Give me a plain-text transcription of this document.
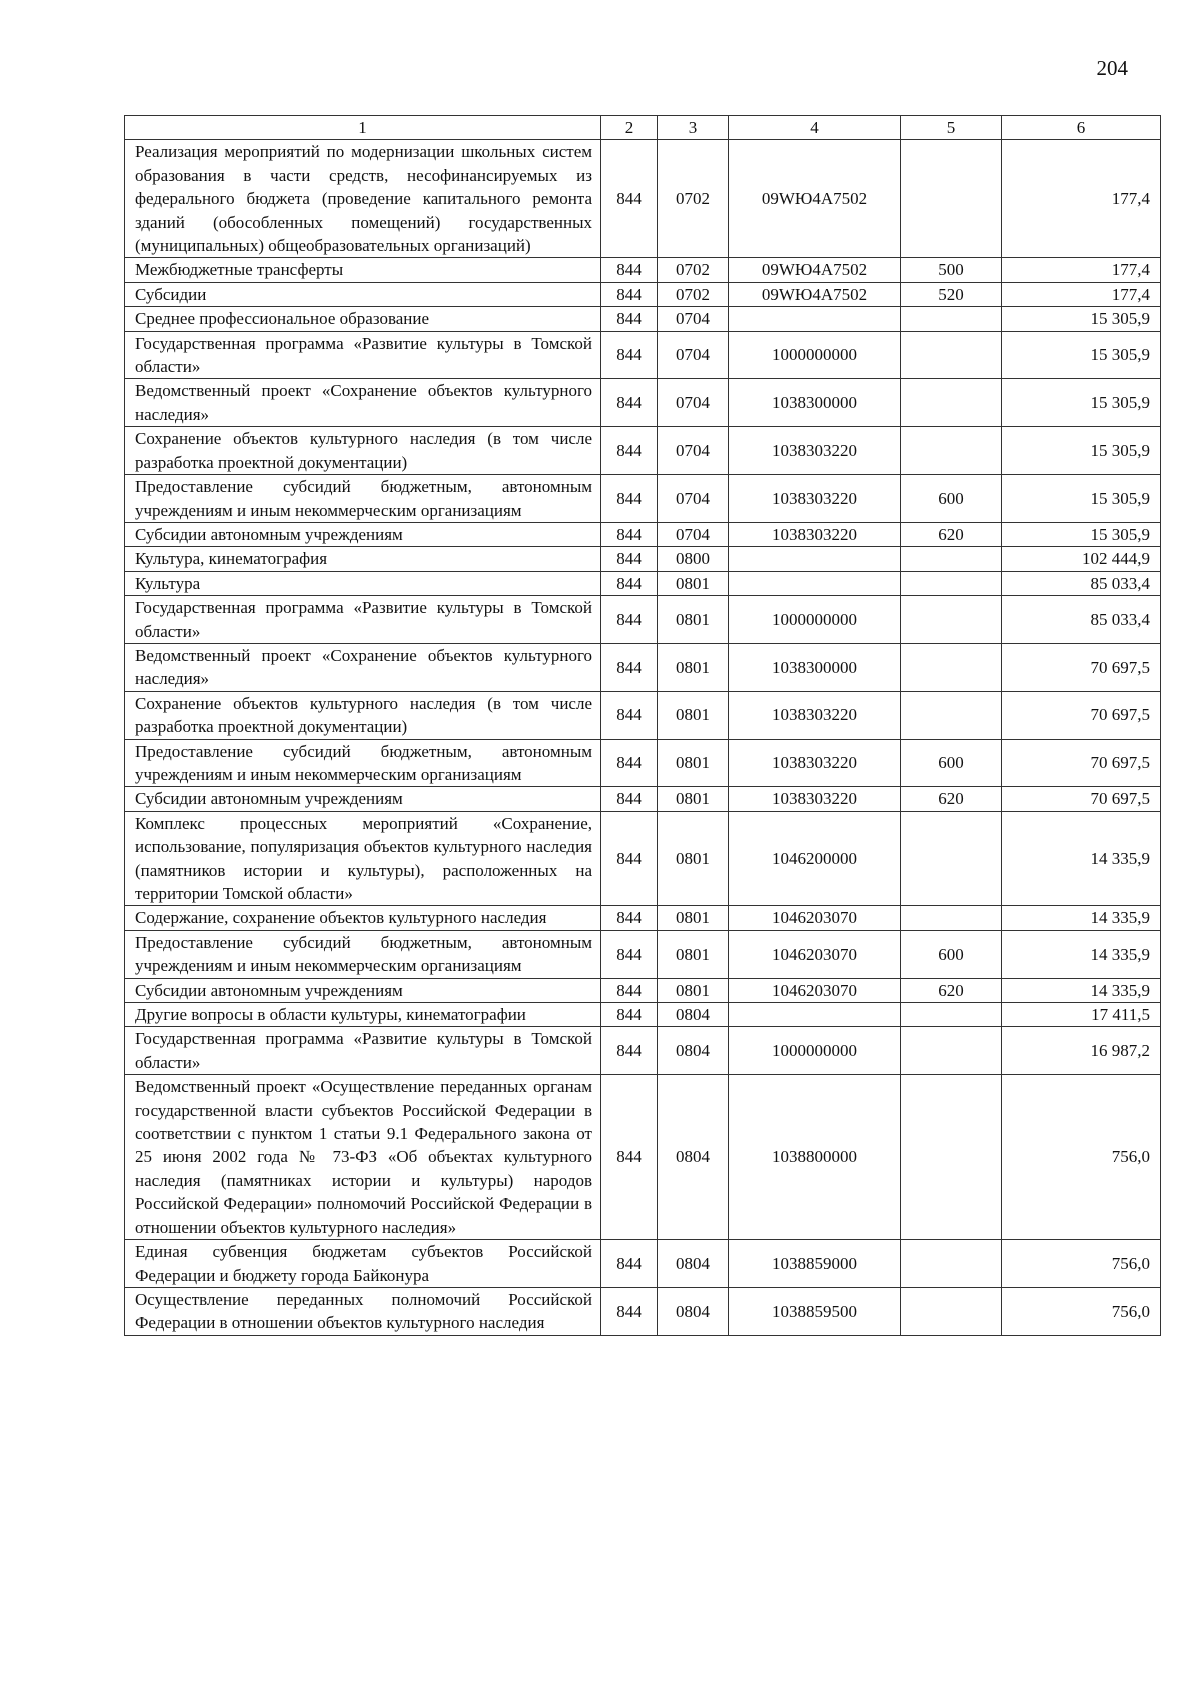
204
1	2	3	4	5	6
Реализация мероприятий по модернизации школьных систем образования в части средств, несофинансируемых из федерального бюджета (проведение капитального ремонта зданий (обособленных помещений) государственных (муниципальных) общеобразовательных организаций)	844	0702	09WЮ4A7502		177,4
Межбюджетные трансферты	844	0702	09WЮ4A7502	500	177,4
Субсидии	844	0702	09WЮ4A7502	520	177,4
Среднее профессиональное образование	844	0704			15 305,9
Государственная программа «Развитие культуры в Томской области»	844	0704	1000000000		15 305,9
Ведомственный проект «Сохранение объектов культурного наследия»	844	0704	1038300000		15 305,9
Сохранение объектов культурного наследия (в том числе разработка проектной документации)	844	0704	1038303220		15 305,9
Предоставление субсидий бюджетным, автономным учреждениям и иным некоммерческим организациям	844	0704	1038303220	600	15 305,9
Субсидии автономным учреждениям	844	0704	1038303220	620	15 305,9
Культура, кинематография	844	0800			102 444,9
Культура	844	0801			85 033,4
Государственная программа «Развитие культуры в Томской области»	844	0801	1000000000		85 033,4
Ведомственный проект «Сохранение объектов культурного наследия»	844	0801	1038300000		70 697,5
Сохранение объектов культурного наследия (в том числе разработка проектной документации)	844	0801	1038303220		70 697,5
Предоставление субсидий бюджетным, автономным учреждениям и иным некоммерческим организациям	844	0801	1038303220	600	70 697,5
Субсидии автономным учреждениям	844	0801	1038303220	620	70 697,5
Комплекс процессных мероприятий «Сохранение, использование, популяризация объектов культурного наследия (памятников истории и культуры), расположенных на территории Томской области»	844	0801	1046200000		14 335,9
Содержание, сохранение объектов культурного наследия	844	0801	1046203070		14 335,9
Предоставление субсидий бюджетным, автономным учреждениям и иным некоммерческим организациям	844	0801	1046203070	600	14 335,9
Субсидии автономным учреждениям	844	0801	1046203070	620	14 335,9
Другие вопросы в области культуры, кинематографии	844	0804			17 411,5
Государственная программа «Развитие культуры в Томской области»	844	0804	1000000000		16 987,2
Ведомственный проект «Осуществление переданных органам государственной власти субъектов Российской Федерации в соответствии с пунктом 1 статьи 9.1 Федерального закона от 25 июня 2002 года № 73-ФЗ «Об объектах культурного наследия (памятниках истории и культуры) народов Российской Федерации» полномочий Российской Федерации в отношении объектов культурного наследия»	844	0804	1038800000		756,0
Единая субвенция бюджетам субъектов Российской Федерации и бюджету города Байконура	844	0804	1038859000		756,0
Осуществление переданных полномочий Российской Федерации в отношении объектов культурного наследия	844	0804	1038859500		756,0
